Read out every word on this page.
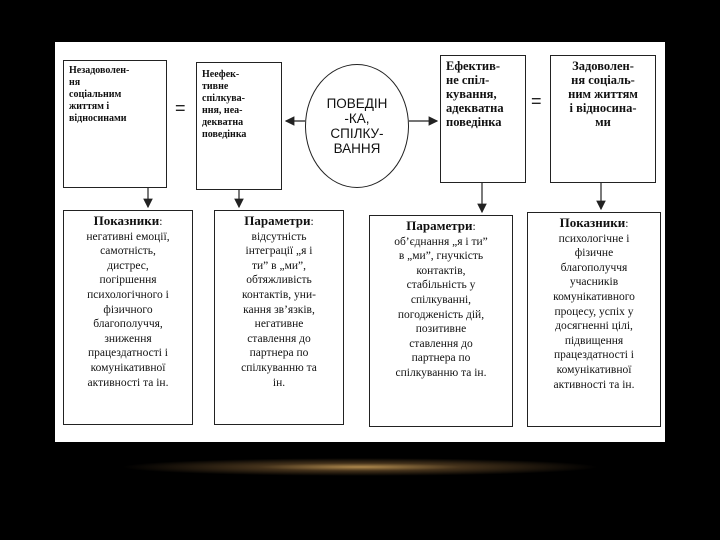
Незадоволен-
ня
соціальним
життям і
відносинами
=
Неефек-
тивне
спілкува-
ння, неа-
декватна
поведінка
ПОВЕДІН
-КА,
СПІЛКУ-
ВАННЯ
Ефектив-
не спіл-
кування,
адекватна
поведінка
=
Задоволен-
ня соціаль-
ним життям
і відносина-
ми
Показники:
негативні емоції,
самотність,
дистрес,
погіршення
психологічного і
фізичного
благополуччя,
зниження
працездатності і
комунікативної
активності та ін.
Параметри:
відсутність
інтеграції „я і
ти” в „ми”,
обтяжливість
контактів, уни-
кання зв’язків,
негативне
ставлення до
партнера по
спілкуванню та
ін.
Параметри:
об’єднання „я і ти”
в „ми”, гнучкість
контактів,
стабільність у
спілкуванні,
погодженість дій,
позитивне
ставлення до
партнера по
спілкуванню та ін.
Показники:
психологічне і
фізичне
благополуччя
учасників
комунікативного
процесу, успіх у
досягненні цілі,
підвищення
працездатності і
комунікативної
активності та ін.
